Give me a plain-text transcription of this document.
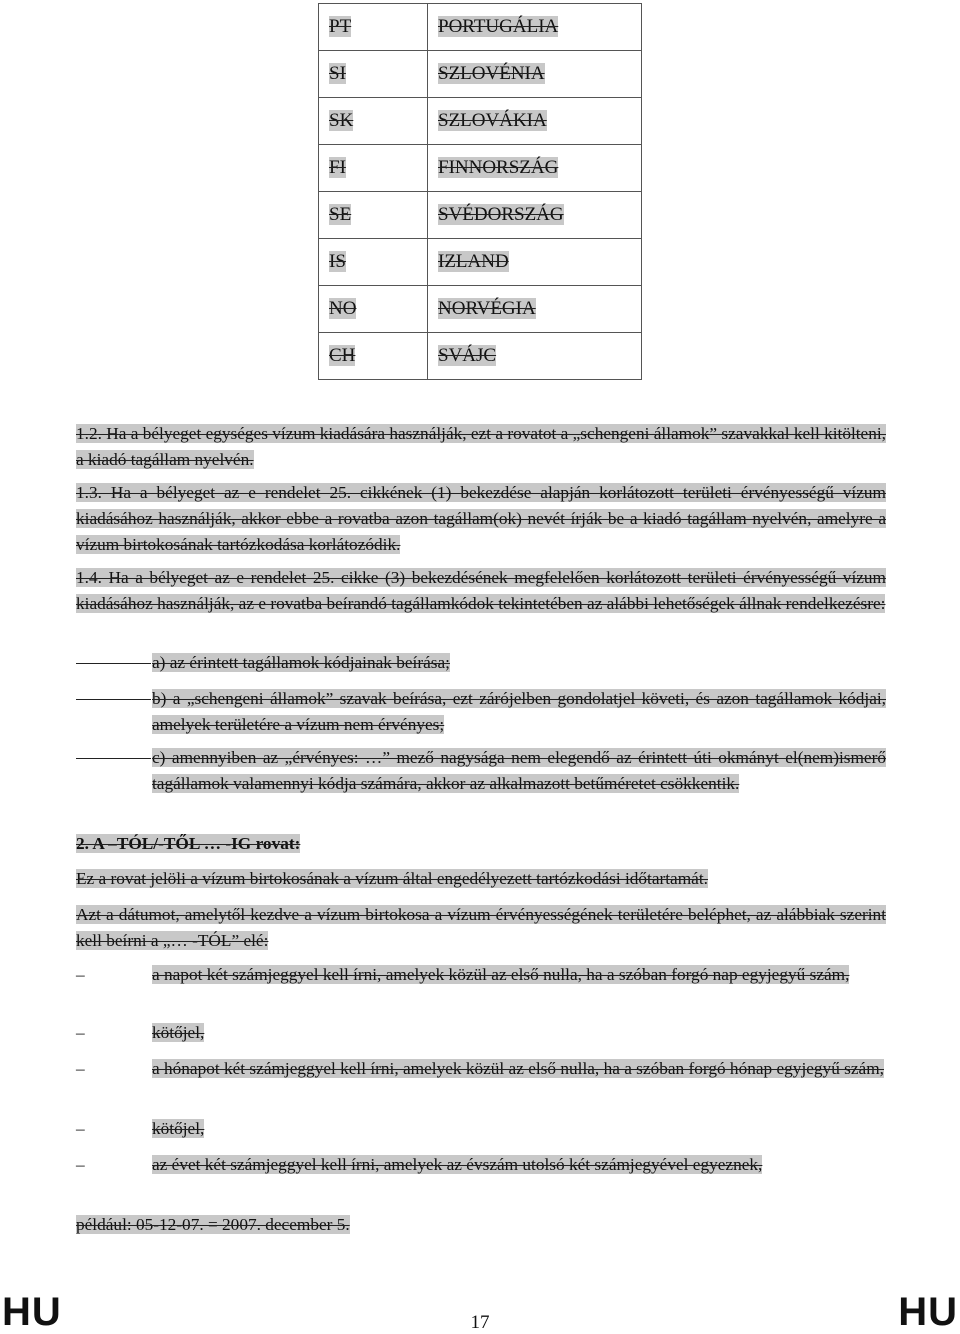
PT	PORTUGÁLIA
SI	SZLOVÉNIA
SK	SZLOVÁKIA
FI	FINNORSZÁG
SE	SVÉDORSZÁG
IS	IZLAND
NO	NORVÉGIA
CH	SVÁJC

1.2. Ha a bélyeget egységes vízum kiadására használják, ezt a rovatot a „schengeni államok” szavakkal kell kitölteni, a kiadó tagállam nyelvén.

1.3. Ha a bélyeget az e rendelet 25. cikkének (1) bekezdése alapján korlátozott területi érvényességű vízum kiadásához használják, akkor ebbe a rovatba azon tagállam(ok) nevét írják be a kiadó tagállam nyelvén, amelyre a vízum birtokosának tartózkodása korlátozódik.

1.4. Ha a bélyeget az e rendelet 25. cikke (3) bekezdésének megfelelően korlátozott területi érvényességű vízum kiadásához használják, az e rovatba beírandó tagállamkódok tekintetében az alábbi lehetőségek állnak rendelkezésre:

a) az érintett tagállamok kódjainak beírása;

b) a „schengeni államok” szavak beírása, ezt zárójelben gondolatjel követi, és azon tagállamok kódjai, amelyek területére a vízum nem érvényes;

c) amennyiben az „érvényes: …” mező nagysága nem elegendő az érintett úti okmányt el(nem)ismerő tagállamok valamennyi kódja számára, akkor az alkalmazott betűméretet csökkentik.

2. A –TÓL/-TŐL … -IG rovat:

Ez a rovat jelöli a vízum birtokosának a vízum által engedélyezett tartózkodási időtartamát.

Azt a dátumot, amelytől kezdve a vízum birtokosa a vízum érvényességének területére beléphet, az alábbiak szerint kell beírni a „… -TÓL” elé:

–	a napot két számjeggyel kell írni, amelyek közül az első nulla, ha a szóban forgó nap egyjegyű szám,

–	kötőjel,

–	a hónapot két számjeggyel kell írni, amelyek közül az első nulla, ha a szóban forgó hónap egyjegyű szám,

–	kötőjel,

–	az évet két számjeggyel kell írni, amelyek az évszám utolsó két számjegyével egyeznek,

például: 05-12-07. = 2007. december 5.

HU	17	HU
